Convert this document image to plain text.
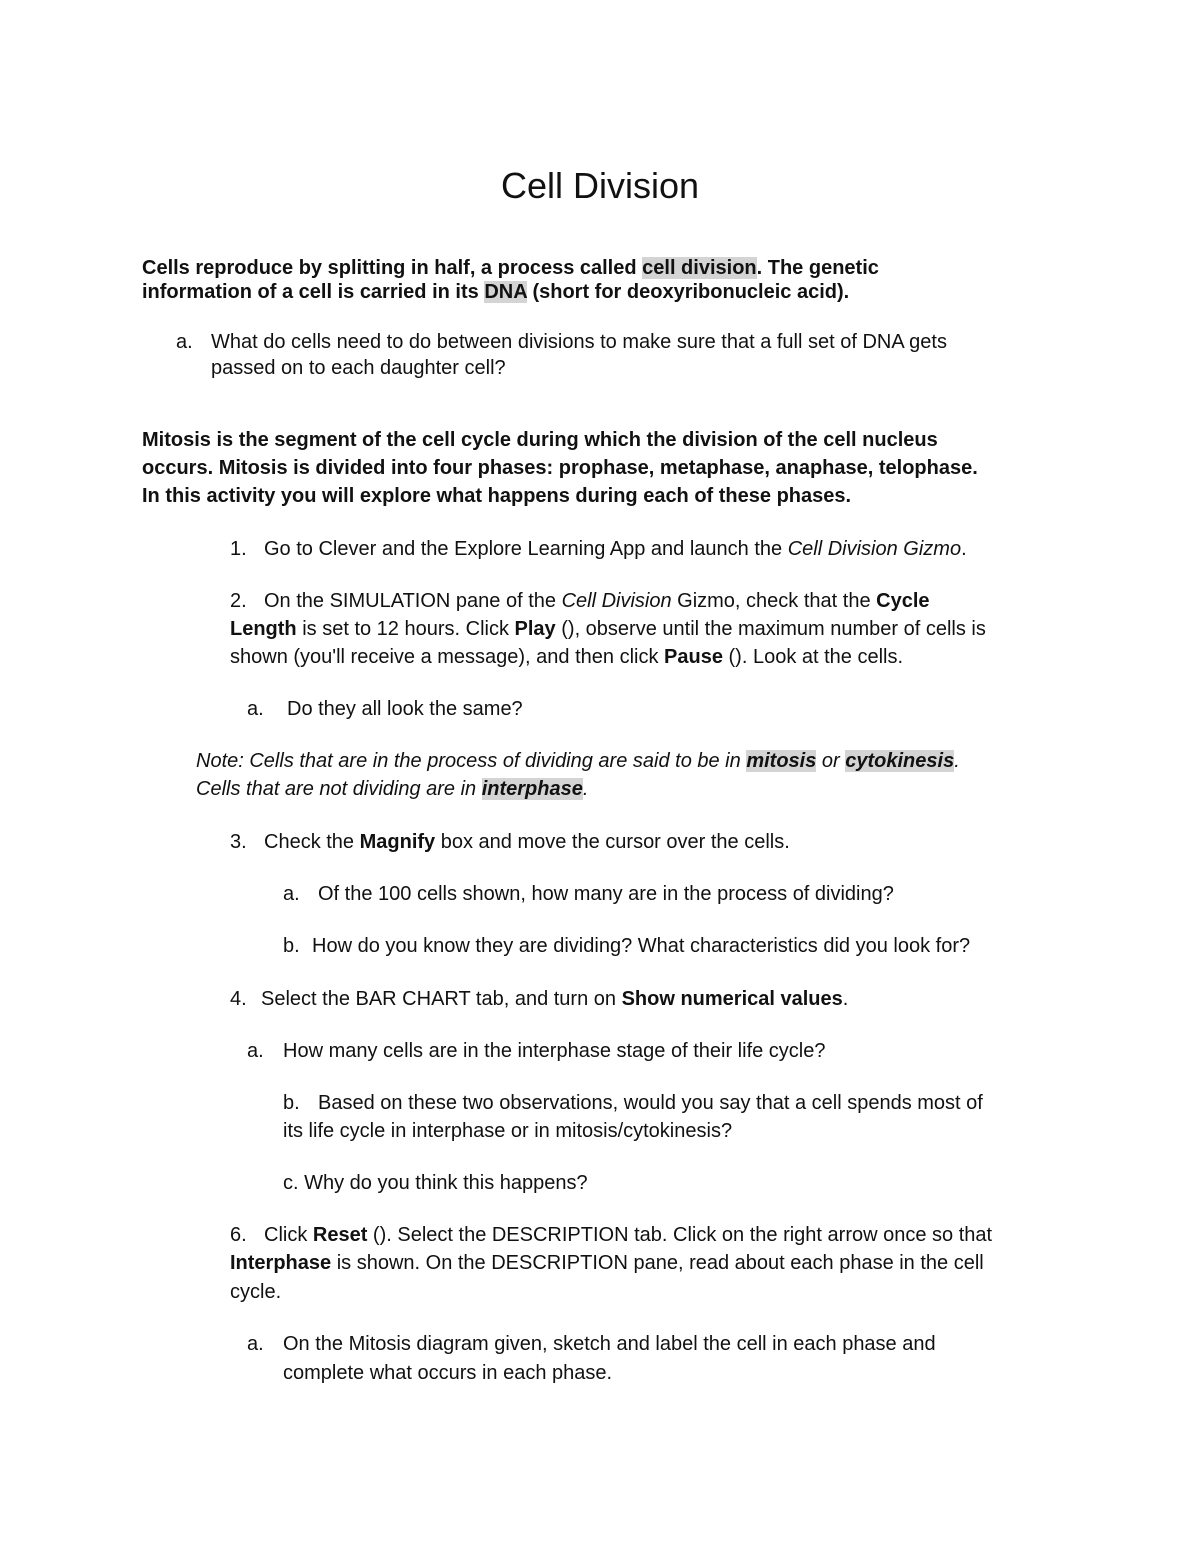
Cell Division
Cells reproduce by splitting in half, a process called cell division. The genetic
information of a cell is carried in its DNA (short for deoxyribonucleic acid).
a. What do cells need to do between divisions to make sure that a full set of DNA gets
passed on to each daughter cell?
Mitosis is the segment of the cell cycle during which the division of the cell nucleus
occurs. Mitosis is divided into four phases: prophase, metaphase, anaphase, telophase.
In this activity you will explore what happens during each of these phases.
1. Go to Clever and the Explore Learning App and launch the Cell Division Gizmo.
2. On the SIMULATION pane of the Cell Division Gizmo, check that the Cycle
Length is set to 12 hours. Click Play (), observe until the maximum number of cells is
shown (you'll receive a message), and then click Pause (). Look at the cells.
a. Do they all look the same?
Note: Cells that are in the process of dividing are said to be in mitosis or cytokinesis.
Cells that are not dividing are in interphase.
3. Check the Magnify box and move the cursor over the cells.
a. Of the 100 cells shown, how many are in the process of dividing?
b. How do you know they are dividing? What characteristics did you look for?
4. Select the BAR CHART tab, and turn on Show numerical values.
a. How many cells are in the interphase stage of their life cycle?
b. Based on these two observations, would you say that a cell spends most of
its life cycle in interphase or in mitosis/cytokinesis?
c. Why do you think this happens?
6. Click Reset (). Select the DESCRIPTION tab. Click on the right arrow once so that
Interphase is shown. On the DESCRIPTION pane, read about each phase in the cell
cycle.
a. On the Mitosis diagram given, sketch and label the cell in each phase and
complete what occurs in each phase.
